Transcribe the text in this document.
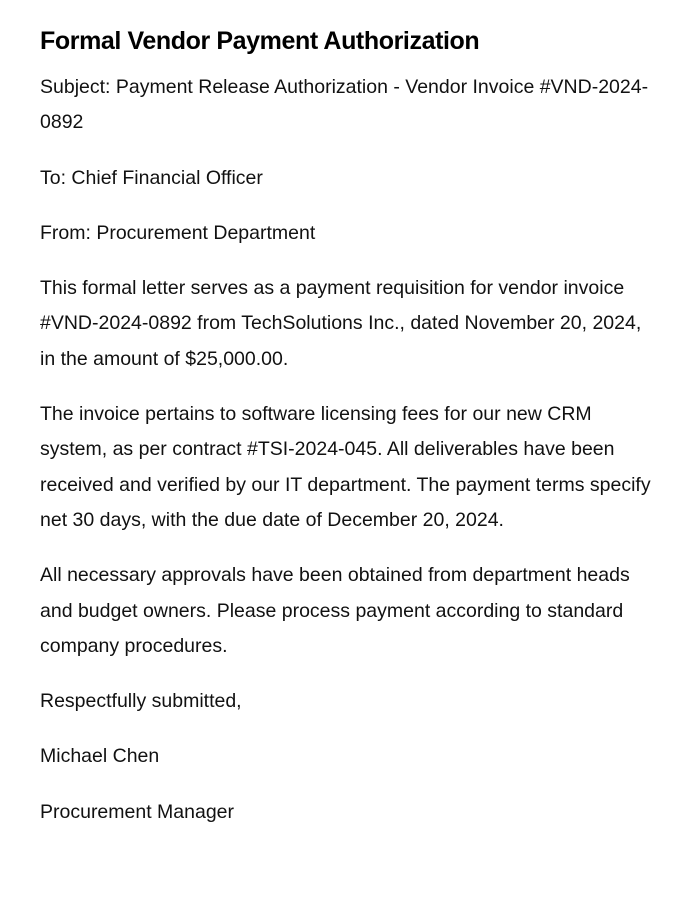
Formal Vendor Payment Authorization

Subject: Payment Release Authorization - Vendor Invoice #VND-2024-0892

To: Chief Financial Officer

From: Procurement Department

This formal letter serves as a payment requisition for vendor invoice #VND-2024-0892 from TechSolutions Inc., dated November 20, 2024, in the amount of $25,000.00.

The invoice pertains to software licensing fees for our new CRM system, as per contract #TSI-2024-045. All deliverables have been received and verified by our IT department. The payment terms specify net 30 days, with the due date of December 20, 2024.

All necessary approvals have been obtained from department heads and budget owners. Please process payment according to standard company procedures.

Respectfully submitted,

Michael Chen

Procurement Manager
